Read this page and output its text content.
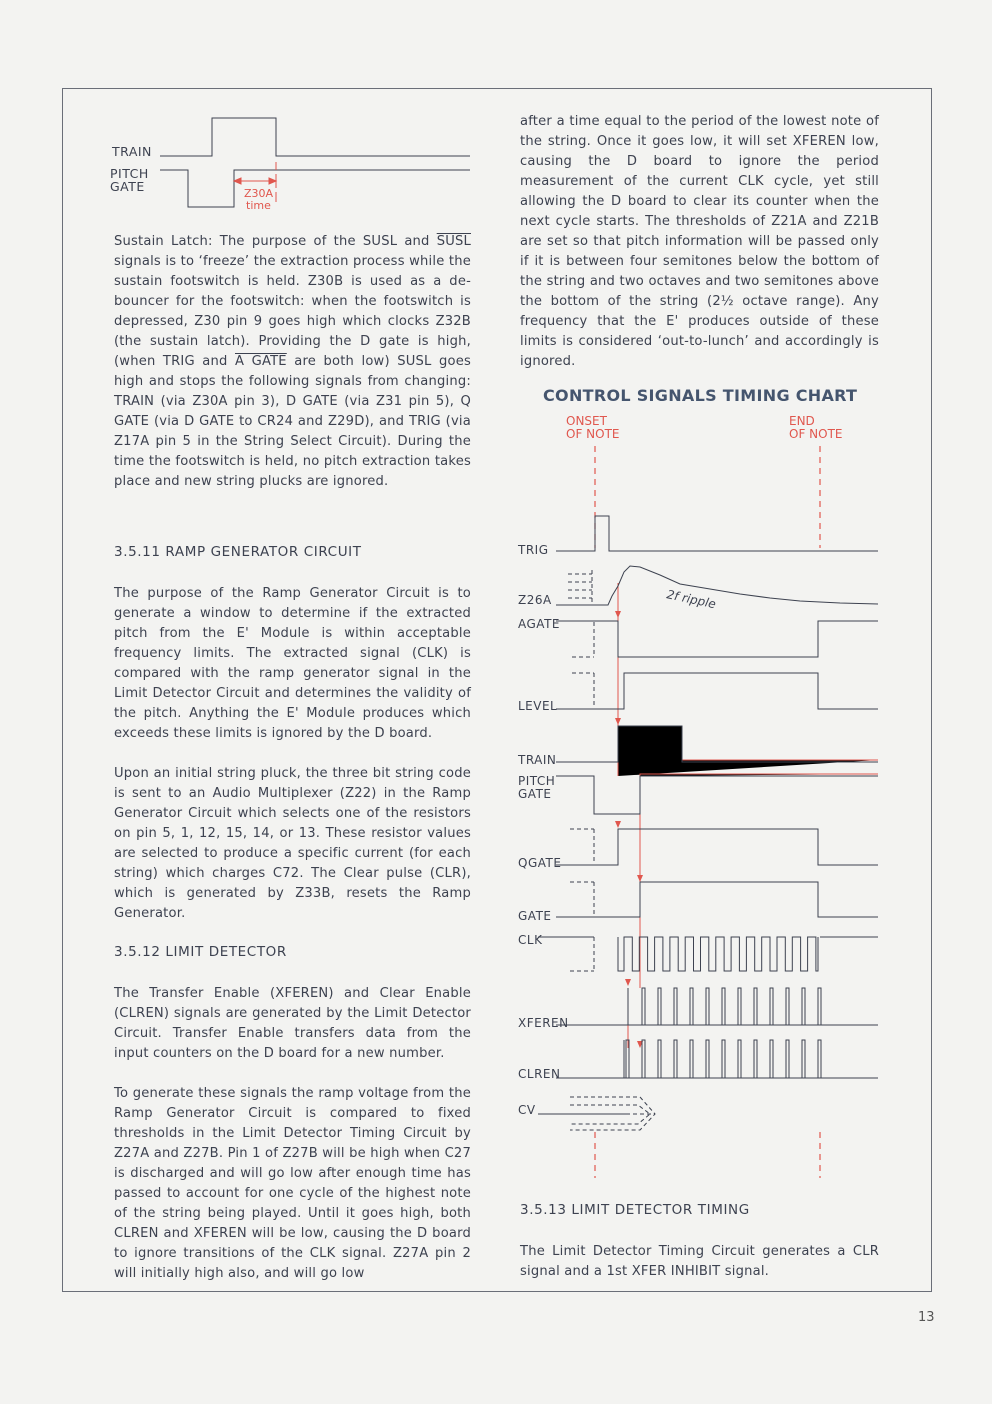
TRAIN
PITCH
GATE	Z30A
time

Sustain Latch: The purpose of the SUSL and SUSL signals is to ‘freeze’ the extraction process while the sustain footswitch is held. Z30B is used as a de-bouncer for the footswitch: when the footswitch is depressed, Z30 pin 9 goes high which clocks Z32B (the sustain latch). Providing the D gate is high, (when TRIG and A GATE are both low) SUSL goes high and stops the following signals from changing: TRAIN (via Z30A pin 3), D GATE (via Z31 pin 5), Q GATE (via D GATE to CR24 and Z29D), and TRIG (via Z17A pin 5 in the String Select Circuit). During the time the footswitch is held, no pitch extraction takes place and new string plucks are ignored.

3.5.11 RAMP GENERATOR CIRCUIT

The purpose of the Ramp Generator Circuit is to generate a window to determine if the extracted pitch from the E' Module is within acceptable frequency limits. The extracted signal (CLK) is compared with the ramp generator signal in the Limit Detector Circuit and determines the validity of the pitch. Anything the E' Module produces which exceeds these limits is ignored by the D board.

Upon an initial string pluck, the three bit string code is sent to an Audio Multiplexer (Z22) in the Ramp Generator Circuit which selects one of the resistors on pin 5, 1, 12, 15, 14, or 13. These resistor values are selected to produce a specific current (for each string) which charges C72. The Clear pulse (CLR), which is generated by Z33B, resets the Ramp Generator.

3.5.12 LIMIT DETECTOR

The Transfer Enable (XFEREN) and Clear Enable (CLREN) signals are generated by the Limit Detector Circuit. Transfer Enable transfers data from the input counters on the D board for a new number.

To generate these signals the ramp voltage from the Ramp Generator Circuit is compared to fixed thresholds in the Limit Detector Timing Circuit by Z27A and Z27B. Pin 1 of Z27B will be high when C27 is discharged and will go low after enough time has passed to account for one cycle of the highest note of the string being played. Until it goes high, both CLREN and XFEREN will be low, causing the D board to ignore transitions of the CLK signal. Z27A pin 2 will initially high also, and will go low

after a time equal to the period of the lowest note of the string. Once it goes low, it will set XFEREN low, causing the D board to ignore the period measurement of the current CLK cycle, yet still allowing the D board to clear its counter when the next cycle starts. The thresholds of Z21A and Z21B are set so that pitch information will be passed only if it is between four semitones below the bottom of the string and two octaves and two semitones above the bottom of the string (2½ octave range). Any frequency that the E' produces outside of these limits is considered ‘out-to-lunch’ and accordingly is ignored.

CONTROL SIGNALS TIMING CHART
ONSET
OF NOTE
END
OF NOTE
TRIG
Z26A
AGATE
LEVEL
TRAIN
PITCH
GATE
QGATE
GATE
CLK
XFEREN
CLREN
CV
2f ripple

3.5.13 LIMIT DETECTOR TIMING

The Limit Detector Timing Circuit generates a CLR signal and a 1st XFER INHIBIT signal.

13
